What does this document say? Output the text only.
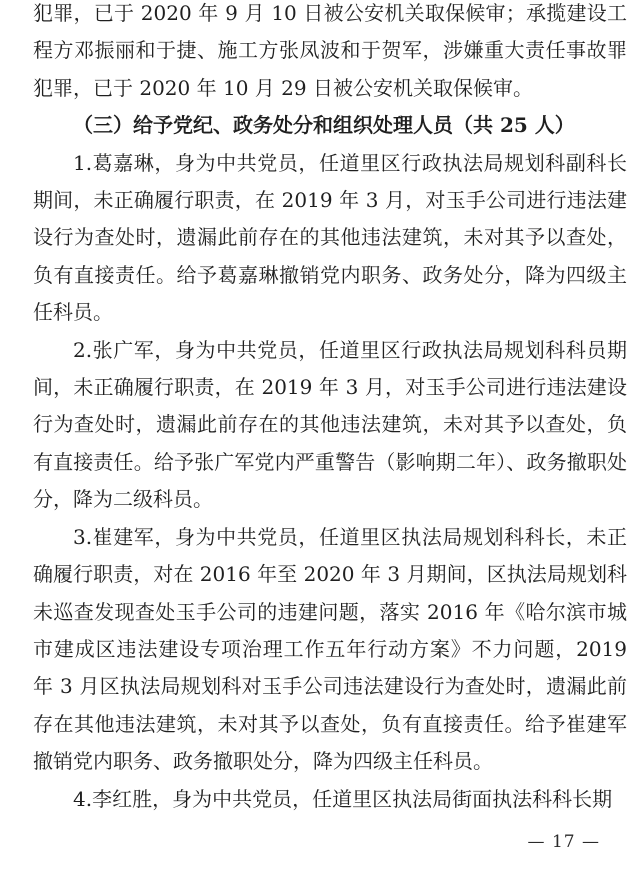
犯罪，已于 2020 年 9 月 10 日被公安机关取保候审；承揽建设工程方邓振丽和于捷、施工方张凤波和于贺军，涉嫌重大责任事故罪犯罪，已于 2020 年 10 月 29 日被公安机关取保候审。

（三）给予党纪、政务处分和组织处理人员（共 25 人）

1.葛嘉琳，身为中共党员，任道里区行政执法局规划科副科长期间，未正确履行职责，在 2019 年 3 月，对玉手公司进行违法建设行为查处时，遗漏此前存在的其他违法建筑，未对其予以查处，负有直接责任。给予葛嘉琳撤销党内职务、政务处分，降为四级主任科员。

2.张广军，身为中共党员，任道里区行政执法局规划科科员期间，未正确履行职责，在 2019 年 3 月，对玉手公司进行违法建设行为查处时，遗漏此前存在的其他违法建筑，未对其予以查处，负有直接责任。给予张广军党内严重警告（影响期二年）、政务撤职处分，降为二级科员。

3.崔建军，身为中共党员，任道里区执法局规划科科长，未正确履行职责，对在 2016 年至 2020 年 3 月期间，区执法局规划科未巡查发现查处玉手公司的违建问题，落实 2016 年《哈尔滨市城市建成区违法建设专项治理工作五年行动方案》不力问题，2019 年 3 月区执法局规划科对玉手公司违法建设行为查处时，遗漏此前存在其他违法建筑，未对其予以查处，负有直接责任。给予崔建军撤销党内职务、政务撤职处分，降为四级主任科员。

4.李红胜，身为中共党员，任道里区执法局街面执法科科长期

— 17 —
